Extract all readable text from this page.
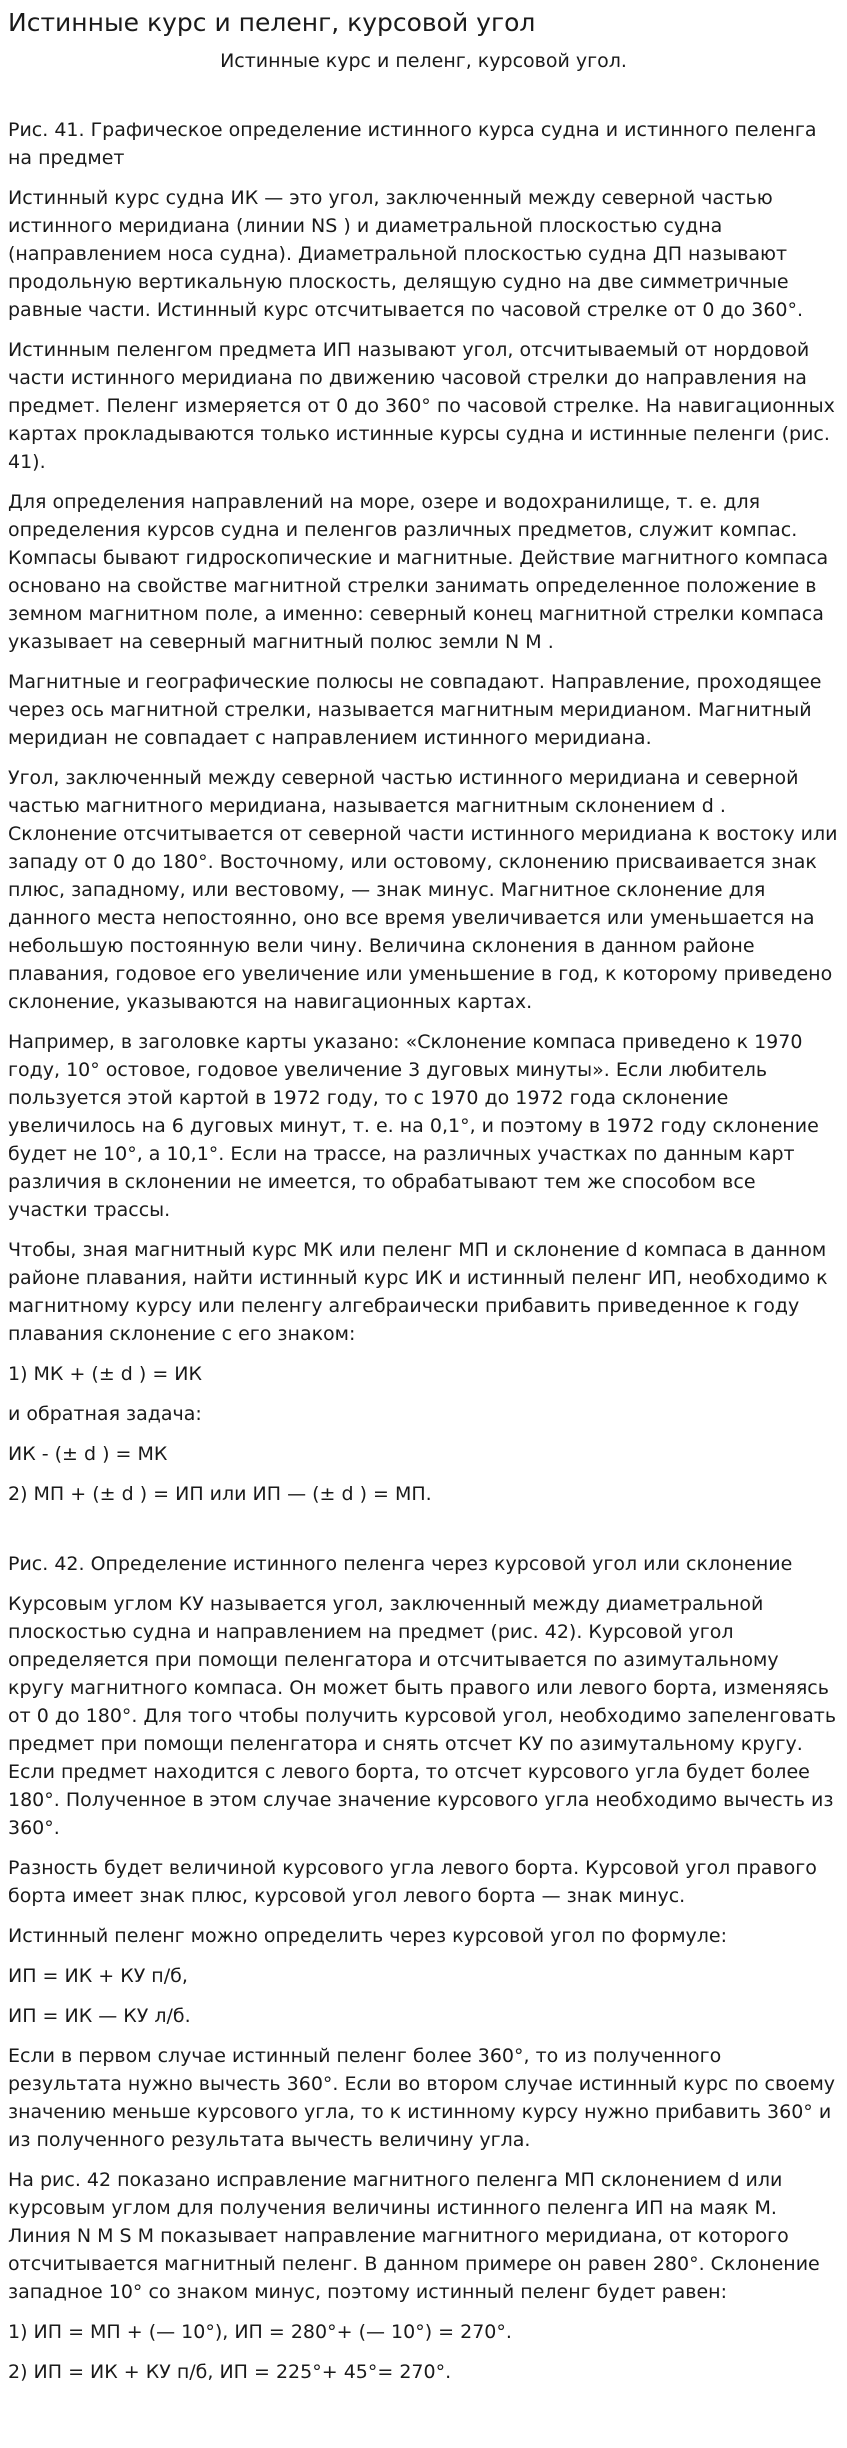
Истинные курс и пеленг, курсовой угол
Истинные курс и пеленг, курсовой угол.
Рис. 41. Графическое определение истинного курса судна и истинного пеленга на предмет

Истинный курс судна ИК — это угол, заключенный между северной частью истинного меридиана (линии NS ) и диаметральной плоскостью судна (направлением носа судна). Диаметральной плоскостью судна ДП называют продольную вертикальную плоскость, делящую судно на две симметричные равные части. Истинный курс отсчитывается по часовой стрелке от 0 до 360°.

Истинным пеленгом предмета ИП называют угол, отсчитываемый от нордовой части истинного меридиана по движению часовой стрелки до направления на предмет. Пеленг измеряется от 0 до 360° по часовой стрелке. На навигационных картах прокладываются только истинные курсы судна и истинные пеленги (рис. 41).

Для определения направлений на море, озере и водохранилище, т. е. для определения курсов судна и пеленгов различных предметов, служит компас. Компасы бывают гидроскопические и магнитные. Действие магнитного компаса основано на свойстве магнитной стрелки занимать определенное положение в земном магнитном поле, а именно: северный конец магнитной стрелки компаса указывает на северный магнитный полюс земли N M .

Магнитные и географические полюсы не совпадают. Направление, проходящее через ось магнитной стрелки, называется магнитным меридианом. Магнитный меридиан не совпадает с направлением истинного меридиана.

Угол, заключенный между северной частью истинного меридиана и северной частью магнитного меридиана, называется магнитным склонением d . Склонение отсчитывается от северной части истинного меридиана к востоку или западу от 0 до 180°. Восточному, или остовому, склонению присваивается знак плюс, западному, или вестовому, — знак минус. Магнитное склонение для данного места непостоянно, оно все время увеличивается или уменьшается на небольшую постоянную вели чину. Величина склонения в данном районе плавания, годовое его увеличение или уменьшение в год, к которому приведено склонение, указываются на навигационных картах.

Например, в заголовке карты указано: «Склонение компаса приведено к 1970 году, 10° остовое, годовое увеличение 3 дуговых минуты». Если любитель пользуется этой картой в 1972 году, то с 1970 до 1972 года склонение увеличилось на 6 дуговых минут, т. е. на 0,1°, и поэтому в 1972 году склонение будет не 10°, а 10,1°. Если на трассе, на различных участках по данным карт различия в склонении не имеется, то обрабатывают тем же способом все участки трассы.

Чтобы, зная магнитный курс МК или пеленг МП и склонение d компаса в данном районе плавания, найти истинный курс ИК и истинный пеленг ИП, необходимо к магнитному курсу или пеленгу алгебраически прибавить приведенное к году плавания склонение с его знаком:

1) МК + (± d ) = ИК

и обратная задача:

ИК - (± d ) = МК

2) МП + (± d ) = ИП или ИП — (± d ) = МП.

Рис. 42. Определение истинного пеленга через курсовой угол или склонение

Курсовым углом КУ называется угол, заключенный между диаметральной плоскостью судна и направлением на предмет (рис. 42). Курсовой угол определяется при помощи пеленгатора и отсчитывается по азимутальному кругу магнитного компаса. Он может быть правого или левого борта, изменяясь от 0 до 180°. Для того чтобы получить курсовой угол, необходимо запеленговать предмет при помощи пеленгатора и снять отсчет КУ по азимутальному кругу. Если предмет находится с левого борта, то отсчет курсового угла будет более 180°. Полученное в этом случае значение курсового угла необходимо вычесть из 360°.

Разность будет величиной курсового угла левого борта. Курсовой угол правого борта имеет знак плюс, курсовой угол левого борта — знак минус.

Истинный пеленг можно определить через курсовой угол по формуле:

ИП = ИК + КУ п/б,

ИП = ИК — КУ л/б.

Если в первом случае истинный пеленг более 360°, то из полученного результата нужно вычесть 360°. Если во втором случае истинный курс по своему значению меньше курсового угла, то к истинному курсу нужно прибавить 360° и из полученного результата вычесть величину угла.

На рис. 42 показано исправление магнитного пеленга МП склонением d или курсовым углом для получения величины истинного пеленга ИП на маяк М. Линия N M S M показывает направление магнитного меридиана, от которого отсчитывается магнитный пеленг. В данном примере он равен 280°. Склонение западное 10° со знаком минус, поэтому истинный пеленг будет равен:

1) ИП = МП + (— 10°), ИП = 280°+ (— 10°) = 270°.

2) ИП = ИК + КУ п/б, ИП = 225°+ 45°= 270°.
